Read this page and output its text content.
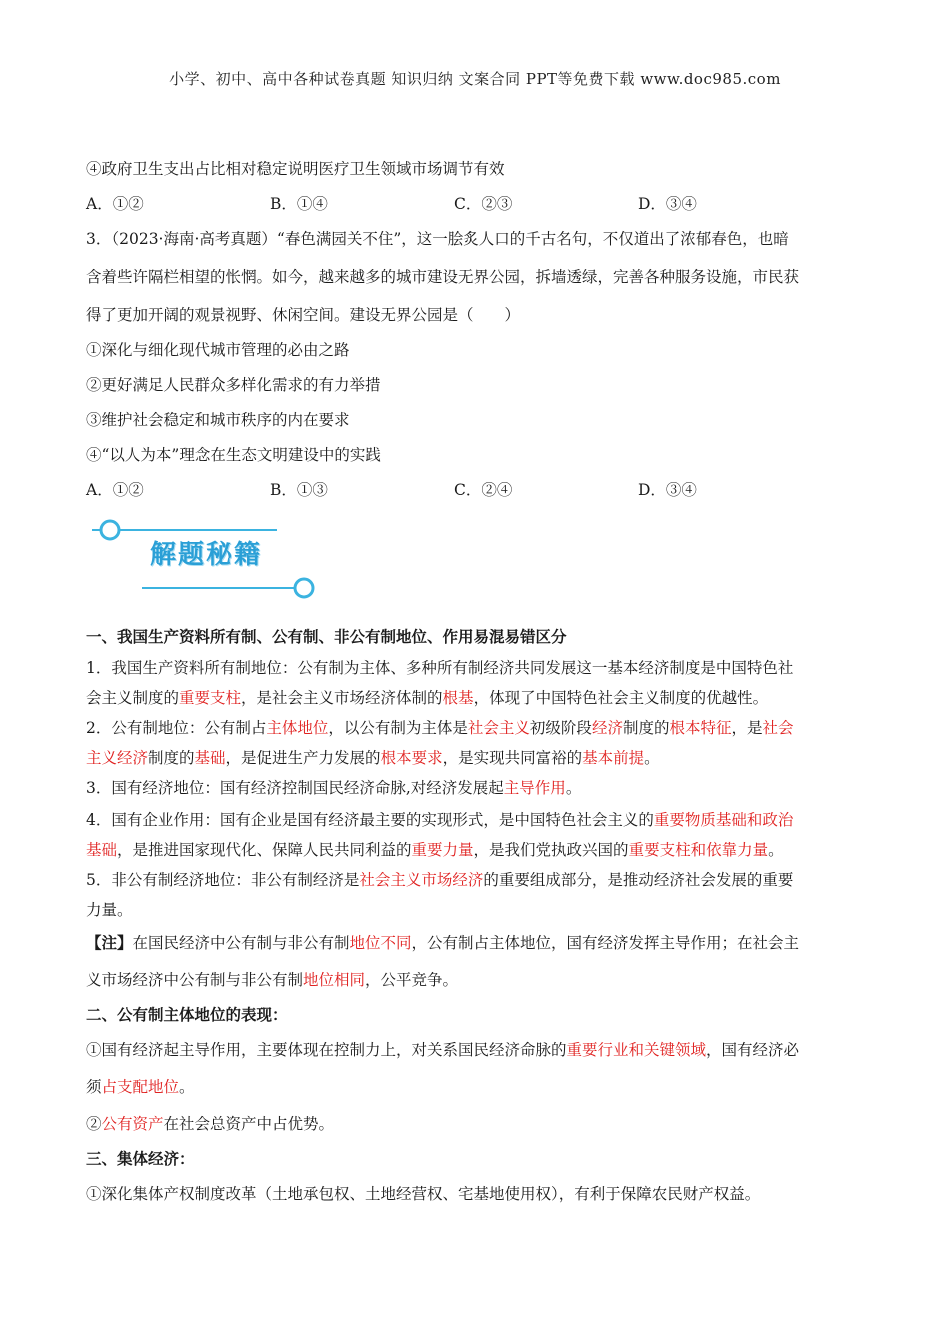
小学、初中、高中各种试卷真题 知识归纳 文案合同 PPT等免费下载 www.doc985.com
④政府卫生支出占比相对稳定说明医疗卫生领域市场调节有效
A．①②	B．①④	C．②③	D．③④
3．（2023·海南·高考真题）“春色满园关不住”，这一脍炙人口的千古名句，不仅道出了浓郁春色，也暗
含着些许隔栏相望的怅惘。如今，越来越多的城市建设无界公园，拆墙透绿，完善各种服务设施，市民获
得了更加开阔的观景视野、休闲空间。建设无界公园是（　　）
①深化与细化现代城市管理的必由之路
②更好满足人民群众多样化需求的有力举措
③维护社会稳定和城市秩序的内在要求
④“以人为本”理念在生态文明建设中的实践
A．①②	B．①③	C．②④	D．③④
解题秘籍
一、我国生产资料所有制、公有制、非公有制地位、作用易混易错区分
1．我国生产资料所有制地位：公有制为主体、多种所有制经济共同发展这一基本经济制度是中国特色社
会主义制度的重要支柱，是社会主义市场经济体制的根基，体现了中国特色社会主义制度的优越性。
2．公有制地位：公有制占主体地位，以公有制为主体是社会主义初级阶段经济制度的根本特征，是社会
主义经济制度的基础，是促进生产力发展的根本要求，是实现共同富裕的基本前提。
3．国有经济地位：国有经济控制国民经济命脉,对经济发展起主导作用。
4．国有企业作用：国有企业是国有经济最主要的实现形式，是中国特色社会主义的重要物质基础和政治
基础，是推进国家现代化、保障人民共同利益的重要力量，是我们党执政兴国的重要支柱和依靠力量。
5．非公有制经济地位：非公有制经济是社会主义市场经济的重要组成部分，是推动经济社会发展的重要
力量。
【注】在国民经济中公有制与非公有制地位不同，公有制占主体地位，国有经济发挥主导作用；在社会主
义市场经济中公有制与非公有制地位相同，公平竞争。
二、公有制主体地位的表现：
①国有经济起主导作用，主要体现在控制力上，对关系国民经济命脉的重要行业和关键领域，国有经济必
须占支配地位。
②公有资产在社会总资产中占优势。
三、集体经济：
①深化集体产权制度改革（土地承包权、土地经营权、宅基地使用权），有利于保障农民财产权益。
